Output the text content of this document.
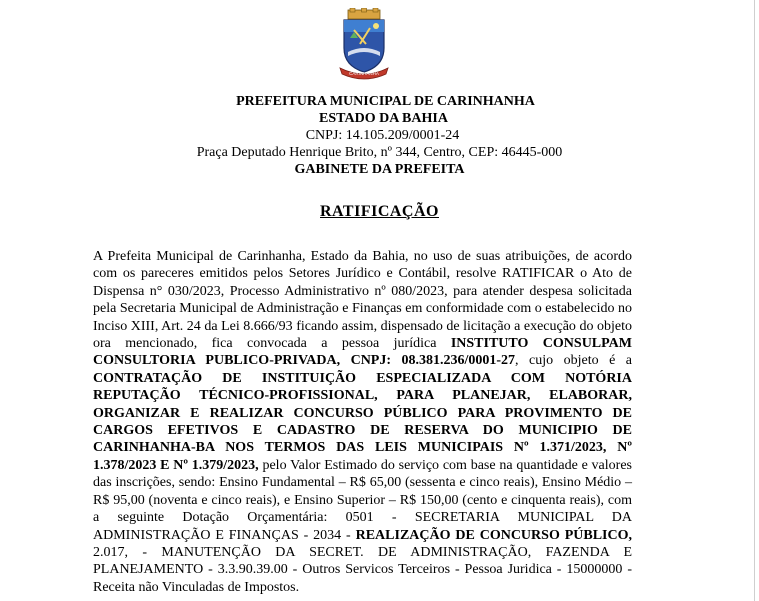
CARINHANHA
PREFEITURA MUNICIPAL DE CARINHANHA
ESTADO DA BAHIA
CNPJ: 14.105.209/0001-24
Praça Deputado Henrique Brito, nº 344, Centro, CEP: 46445-000
GABINETE DA PREFEITA
RATIFICAÇÃO
A Prefeita Municipal de Carinhanha, Estado da Bahia, no uso de suas atribuições, de acordo com os pareceres emitidos pelos Setores Jurídico e Contábil, resolve RATIFICAR o Ato de Dispensa n° 030/2023, Processo Administrativo nº 080/2023, para atender despesa solicitada pela Secretaria Municipal de Administração e Finanças em conformidade com o estabelecido no Inciso XIII, Art. 24 da Lei 8.666/93 ficando assim, dispensado de licitação a execução do objeto ora mencionado, fica convocada a pessoa jurídica INSTITUTO CONSULPAM CONSULTORIA PUBLICO-PRIVADA, CNPJ: 08.381.236/0001-27, cujo objeto é a CONTRATAÇÃO DE INSTITUIÇÃO ESPECIALIZADA COM NOTÓRIA REPUTAÇÃO TÉCNICO-PROFISSIONAL, PARA PLANEJAR, ELABORAR, ORGANIZAR E REALIZAR CONCURSO PÚBLICO PARA PROVIMENTO DE CARGOS EFETIVOS E CADASTRO DE RESERVA DO MUNICIPIO DE CARINHANHA-BA NOS TERMOS DAS LEIS MUNICIPAIS Nº 1.371/2023, Nº 1.378/2023 E Nº 1.379/2023, pelo Valor Estimado do serviço com base na quantidade e valores das inscrições, sendo: Ensino Fundamental – R$ 65,00 (sessenta e cinco reais), Ensino Médio – R$ 95,00 (noventa e cinco reais), e Ensino Superior – R$ 150,00 (cento e cinquenta reais), com a seguinte Dotação Orçamentária: 0501 - SECRETARIA MUNICIPAL DA ADMINISTRAÇÃO E FINANÇAS - 2034 - REALIZAÇÃO DE CONCURSO PÚBLICO, 2.017, - MANUTENÇÃO DA SECRET. DE ADMINISTRAÇÃO, FAZENDA E PLANEJAMENTO - 3.3.90.39.00 - Outros Servicos Terceiros - Pessoa Juridica - 15000000 - Receita não Vinculadas de Impostos.
